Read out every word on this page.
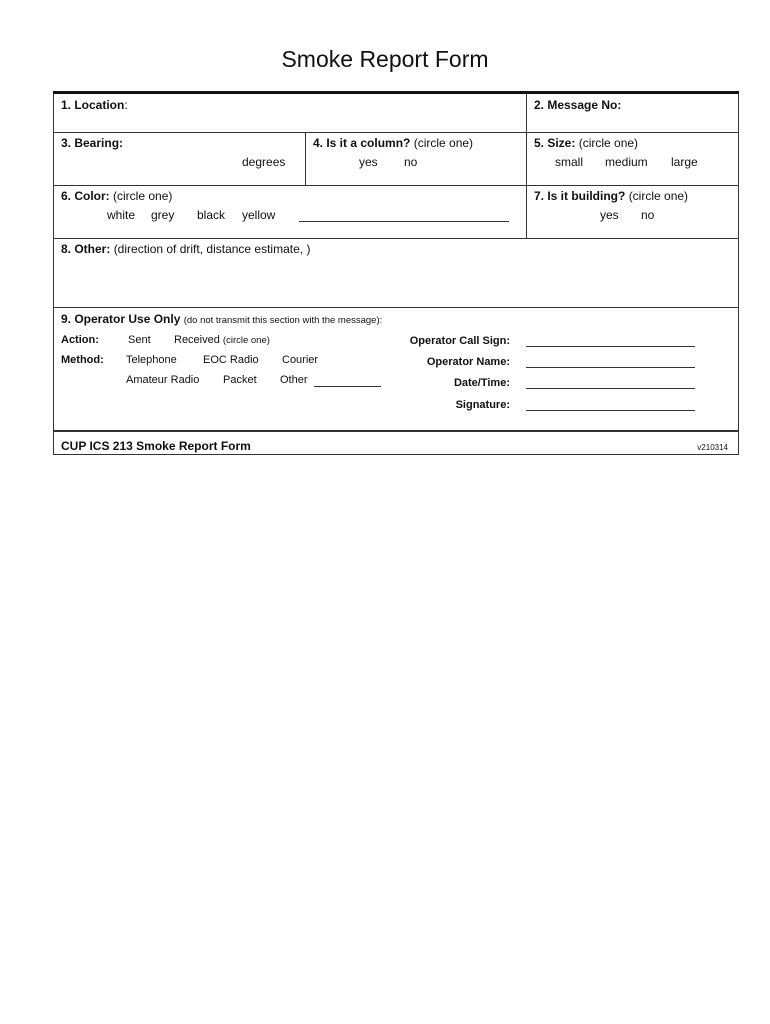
Smoke Report Form
1. Location:	2. Message No:
3. Bearing:
degrees
4. Is it a column? (circle one)
yes no
5. Size: (circle one)
small medium large
6. Color: (circle one)
white grey black yellow
7. Is it building? (circle one)
yes no
8. Other: (direction of drift, distance estimate, )
9. Operator Use Only (do not transmit this section with the message):
Action:	Sent Received (circle one)
Method: Telephone EOC Radio Courier
Amateur Radio Packet Other
Operator Call Sign:
Operator Name:
Date/Time:
Signature:
CUP ICS 213 Smoke Report Form	v210314
